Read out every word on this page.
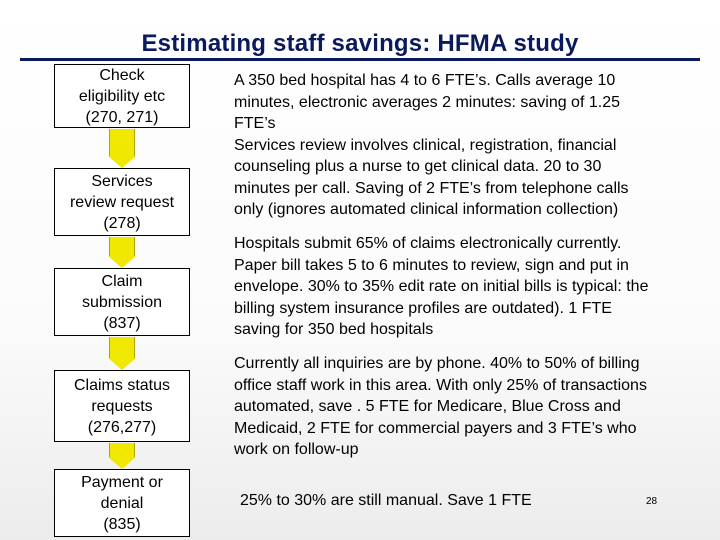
Estimating staff savings: HFMA study
Check
eligibility etc
(270, 271)
Services
review request
(278)
Claim
submission
(837)
Claims status
requests
(276,277)
Payment or
denial
(835)
A 350 bed hospital has 4 to 6 FTE’s. Calls average 10
minutes, electronic averages 2 minutes: saving of 1.25
FTE’s
Services review involves clinical, registration, financial
counseling plus a nurse to get clinical data. 20 to 30
minutes per call. Saving of 2 FTE’s from telephone calls
only (ignores automated clinical information collection)
Hospitals submit 65% of claims electronically currently.
Paper bill takes 5 to 6 minutes to review, sign and put in
envelope. 30% to 35% edit rate on initial bills is typical: the
billing system insurance profiles are outdated). 1 FTE
saving for 350 bed hospitals
Currently all inquiries are by phone. 40% to 50% of billing
office staff work in this area. With only 25% of transactions
automated, save . 5 FTE for Medicare, Blue Cross and
Medicaid, 2 FTE for commercial payers and 3 FTE’s who
work on follow-up
25% to 30% are still manual. Save 1 FTE	28
